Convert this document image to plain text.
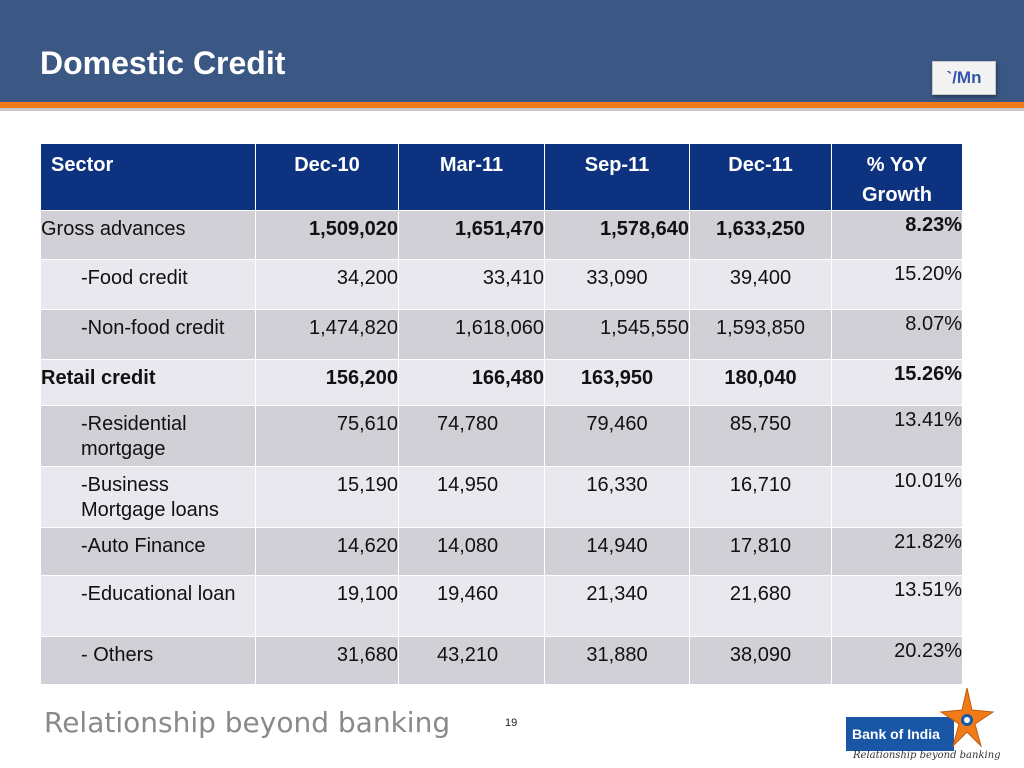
Domestic Credit	`/Mn
Sector	Dec-10	Mar-11	Sep-11	Dec-11	% YoY Growth
Gross advances	1,509,020	1,651,470	1,578,640	1,633,250	8.23%
-Food credit	34,200	33,410	33,090	39,400	15.20%
-Non-food credit	1,474,820	1,618,060	1,545,550	1,593,850	8.07%
Retail credit	156,200	166,480	163,950	180,040	15.26%
-Residential mortgage	75,610	74,780	79,460	85,750	13.41%
-Business Mortgage loans	15,190	14,950	16,330	16,710	10.01%
-Auto Finance	14,620	14,080	14,940	17,810	21.82%
-Educational loan	19,100	19,460	21,340	21,680	13.51%
- Others	31,680	43,210	31,880	38,090	20.23%
Relationship beyond banking	19
Bank of India
Relationship beyond banking
